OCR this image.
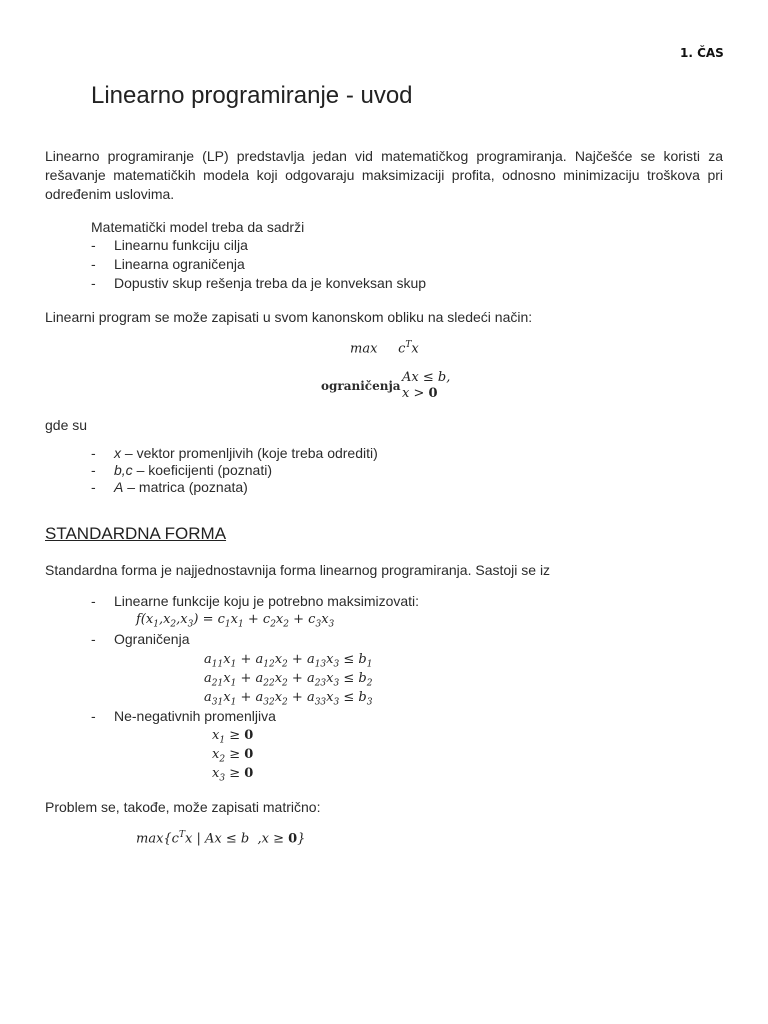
1. ČAS
Linearno programiranje - uvod
Linearno programiranje (LP) predstavlja jedan vid matematičkog programiranja. Najčešće se koristi za rešavanje matematičkih modela koji odgovaraju maksimizaciji profita, odnosno minimizaciju troškova pri određenim uslovima.
Matematički model treba da sadrži
- Linearnu funkciju cilja
- Linearna ograničenja
- Dopustiv skup rešenja treba da je konveksan skup
Linearni program se može zapisati u svom kanonskom obliku na sledeći način:
max     $c^Tx$
ograničenja
Ax ≤ b,
x > 0
gde su
- x – vektor promenljivih (koje treba odrediti)
- b,c – koeficijenti (poznati)
- A – matrica (poznata)
STANDARDNA FORMA
Standardna forma je najjednostavnija forma linearnog programiranja. Sastoji se iz
- Linearne funkcije koju je potrebno maksimizovati:
$f(x_1,x_2,x_3) = c_1x_1 + c_2x_2 + c_3x_3$
- Ograničenja
$a_{11}x_1 + a_{12}x_2 + a_{13}x_3 \le b_1$
$a_{21}x_1 + a_{22}x_2 + a_{23}x_3 \le b_2$
$a_{31}x_1 + a_{32}x_2 + a_{33}x_3 \le b_3$
- Ne-negativnih promenljiva
$x_1 \ge 0$
$x_2 \ge 0$
$x_3 \ge 0$
Problem se, takođe, može zapisati matrično:
$\max\{c^Tx$ | Ax ≤ b  ,x ≥ 0}
